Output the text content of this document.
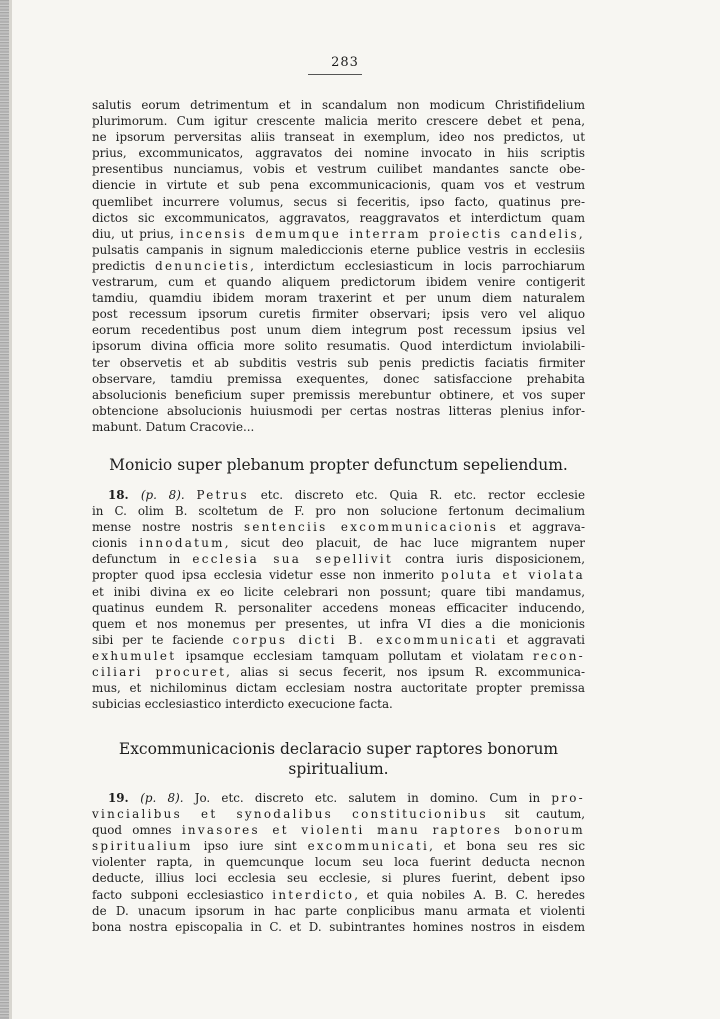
283
salutis eorum detrimentum et in scandalum non modicum Christifidelium
plurimorum. Cum igitur crescente malicia merito crescere debet et pena,
ne ipsorum perversitas aliis transeat in exemplum, ideo nos predictos, ut
prius, excommunicatos, aggravatos dei nomine invocato in hiis scriptis
presentibus nunciamus, vobis et vestrum cuilibet mandantes sancte obe-
diencie in virtute et sub pena excommunicacionis, quam vos et vestrum
quemlibet incurrere volumus, secus si feceritis, ipso facto, quatinus pre-
dictos sic excommunicatos, aggravatos, reaggravatos et interdictum quam
diu, ut prius, incensis demumque interram proiectis candelis,
pulsatis campanis in signum malediccionis eterne publice vestris in ecclesiis
predictis denuncietis, interdictum ecclesiasticum in locis parrochiarum
vestrarum, cum et quando aliquem predictorum ibidem venire contigerit
tamdiu, quamdiu ibidem moram traxerint et per unum diem naturalem
post recessum ipsorum curetis firmiter observari; ipsis vero vel aliquo
eorum recedentibus post unum diem integrum post recessum ipsius vel
ipsorum divina officia more solito resumatis. Quod interdictum inviolabili-
ter observetis et ab subditis vestris sub penis predictis faciatis firmiter
observare, tamdiu premissa exequentes, donec satisfaccione prehabita
absolucionis beneficium super premissis merebuntur obtinere, et vos super
obtencione absolucionis huiusmodi per certas nostras litteras plenius infor-
mabunt. Datum Cracovie...
Monicio super plebanum propter defunctum sepeliendum.
18. (p. 8). Petrus etc. discreto etc. Quia R. etc. rector ecclesie
in C. olim B. scoltetum de F. pro non solucione fertonum decimalium
mense nostre nostris sentenciis excommunicacionis et aggrava-
cionis innodatum, sicut deo placuit, de hac luce migrantem nuper
defunctum in ecclesia sua sepellivit contra iuris disposicionem,
propter quod ipsa ecclesia videtur esse non inmerito poluta et violata
et inibi divina ex eo licite celebrari non possunt; quare tibi mandamus,
quatinus eundem R. personaliter accedens moneas efficaciter inducendo,
quem et nos monemus per presentes, ut infra VI dies a die monicionis
sibi per te faciende corpus dicti B. excommunicati et aggravati
exhumulet ipsamque ecclesiam tamquam pollutam et violatam recon-
ciliari procuret, alias si secus fecerit, nos ipsum R. excommunica-
mus, et nichilominus dictam ecclesiam nostra auctoritate propter premissa
subicias ecclesiastico interdicto execucione facta.
Excommunicacionis declaracio super raptores bonorum
spiritualium.
19. (p. 8). Jo. etc. discreto etc. salutem in domino. Cum in pro-
vincialibus et synodalibus constitucionibus sit cautum,
quod omnes invasores et violenti manu raptores bonorum
spiritualium ipso iure sint excommunicati, et bona seu res sic
violenter rapta, in quemcunque locum seu loca fuerint deducta necnon
deducte, illius loci ecclesia seu ecclesie, si plures fuerint, debent ipso
facto subponi ecclesiastico interdicto, et quia nobiles A. B. C. heredes
de D. unacum ipsorum in hac parte conplicibus manu armata et violenti
bona nostra episcopalia in C. et D. subintrantes homines nostros in eisdem
